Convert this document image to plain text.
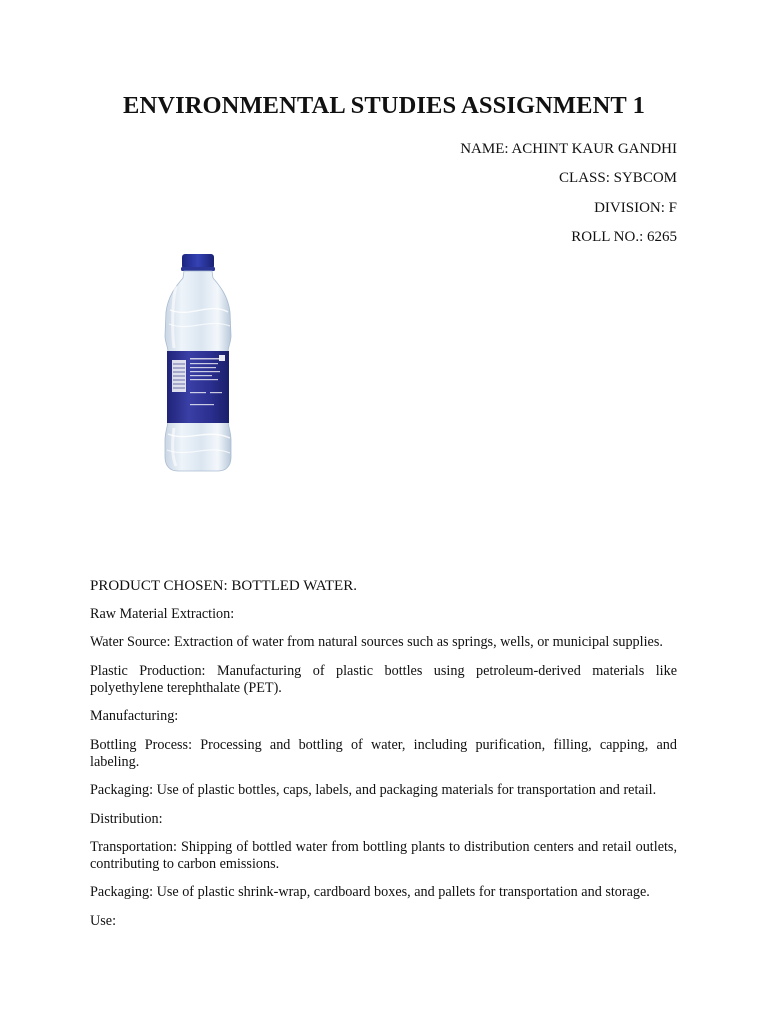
ENVIRONMENTAL STUDIES ASSIGNMENT 1
NAME: ACHINT KAUR GANDHI
CLASS: SYBCOM
DIVISION: F
ROLL NO.: 6265

PRODUCT CHOSEN: BOTTLED WATER.

Raw Material Extraction:

Water Source: Extraction of water from natural sources such as springs, wells, or municipal supplies.

Plastic Production: Manufacturing of plastic bottles using petroleum-derived materials like polyethylene terephthalate (PET).

Manufacturing:

Bottling Process: Processing and bottling of water, including purification, filling, capping, and labeling.

Packaging: Use of plastic bottles, caps, labels, and packaging materials for transportation and retail.

Distribution:

Transportation: Shipping of bottled water from bottling plants to distribution centers and retail outlets, contributing to carbon emissions.

Packaging: Use of plastic shrink-wrap, cardboard boxes, and pallets for transportation and storage.

Use:
